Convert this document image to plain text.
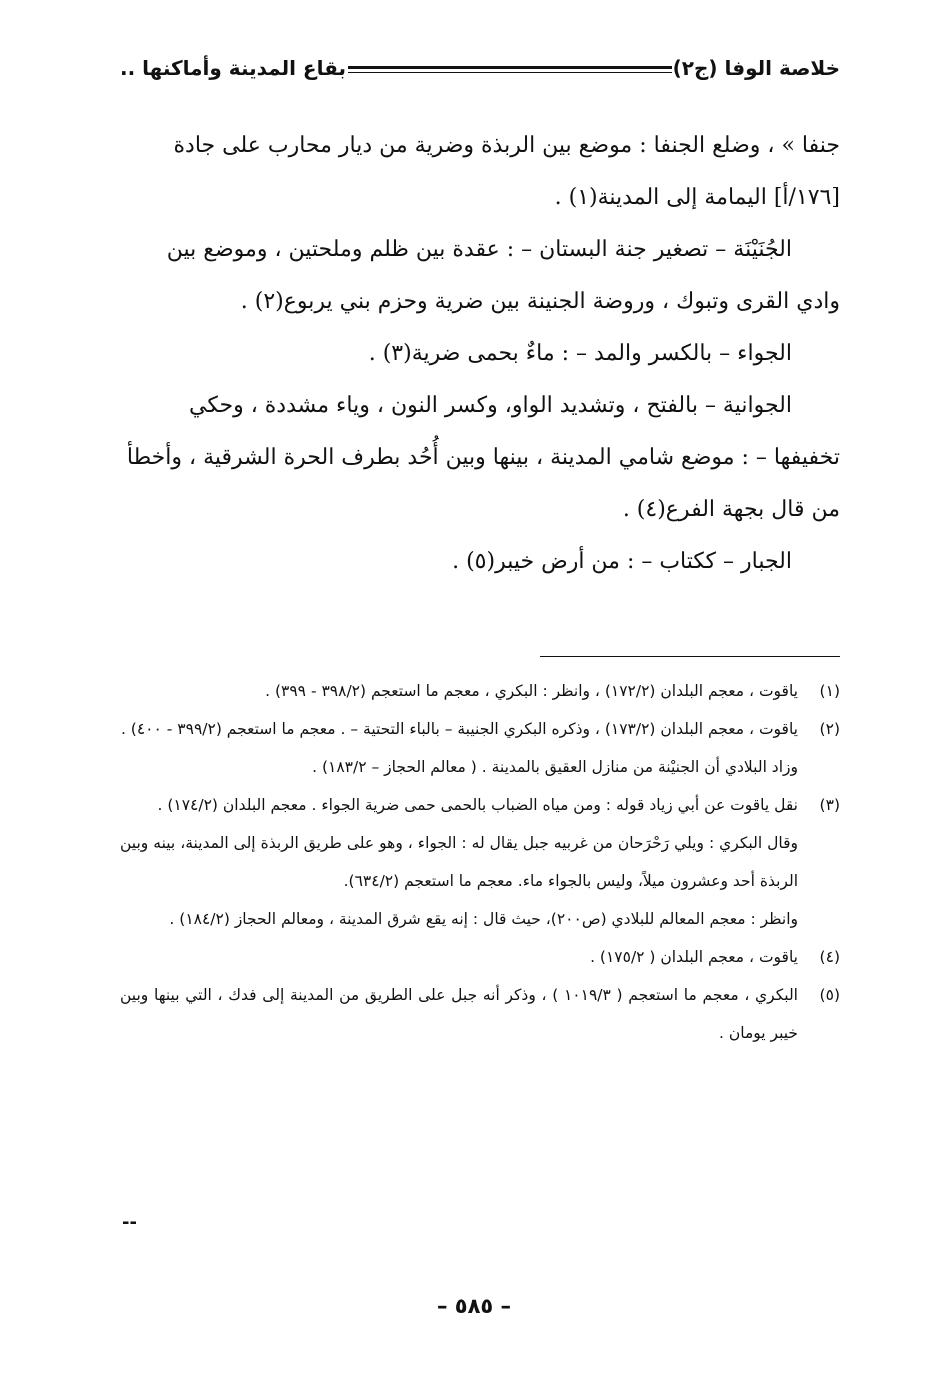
خلاصة الوفا (ج٢)
بقاع المدينة وأماكنها ..

جنفا » ، وضلع الجنفا : موضع بين الربذة وضرية من ديار محارب على جادة

[١٧٦/أ] اليمامة إلى المدينة(١) .

الجُنَيْنَة – تصغير جنة البستان – : عقدة بين ظلم وملحتين ، وموضع بين

وادي القرى وتبوك ، وروضة الجنينة بين ضرية وحزم بني يربوع(٢) .

الجواء – بالكسر والمد – : ماءٌ بحمى ضرية(٣) .

الجوانية – بالفتح ، وتشديد الواو، وكسر النون ، وياء مشددة ، وحكي

تخفيفها – : موضع شامي المدينة ، بينها وبين أُحُد بطرف الحرة الشرقية ، وأخطأ

من قال بجهة الفرع(٤) .

الجبار – ككتاب – : من أرض خيبر(٥) .

(١)

ياقوت ، معجم البلدان (١٧٢/٢) ، وانظر : البكري ، معجم ما استعجم (٣٩٨/٢ - ٣٩٩) .

(٢)

ياقوت ، معجم البلدان (١٧٣/٢) ، وذكره البكري الجنيبة – بالباء التحتية – . معجم ما استعجم (٣٩٩/٢ - ٤٠٠) .

وزاد البلادي أن الجنيْنة من منازل العقيق بالمدينة . ( معالم الحجاز – ١٨٣/٢) .

(٣)

نقل ياقوت عن أبي زياد قوله : ومن مياه الضباب بالحمى حمى ضرية الجواء . معجم البلدان (١٧٤/٢) .

وقال البكري : ويلي رَحْرَحان من غربيه جبل يقال له : الجواء ، وهو على طريق الربذة إلى المدينة، بينه وبين الربذة أحد وعشرون ميلاً، وليس بالجواء ماء. معجم ما استعجم (٦٣٤/٢).

وانظر : معجم المعالم للبلادي (ص٢٠٠)، حيث قال : إنه يقع شرق المدينة ، ومعالم الحجاز (١٨٤/٢) .

(٤)

ياقوت ، معجم البلدان ( ١٧٥/٢) .

(٥)

البكري ، معجم ما استعجم ( ١٠١٩/٣ ) ، وذكر أنه جبل على الطريق من المدينة إلى فدك ، التي بينها وبين خيبر يومان .

--
– ٥٨٥ –
